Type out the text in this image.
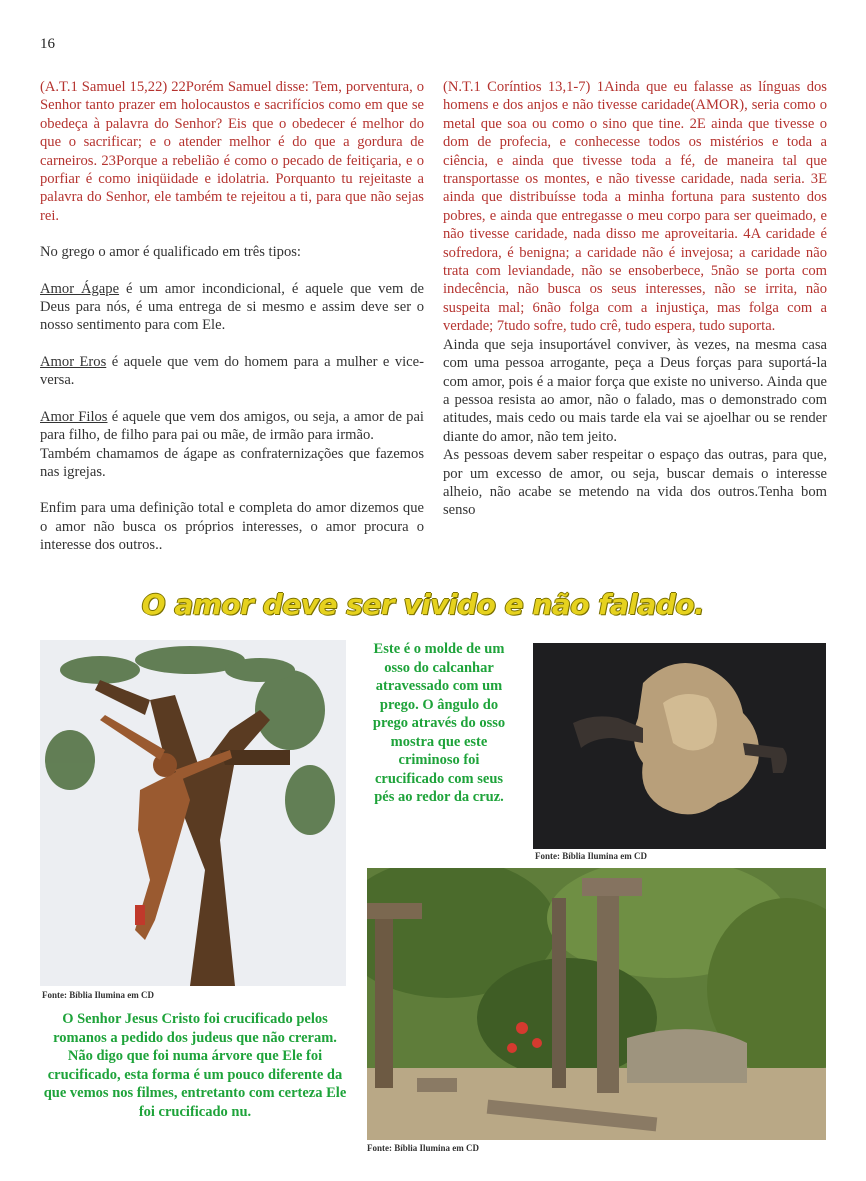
16

(A.T.1 Samuel 15,22) 22Porém Samuel disse: Tem, porventura, o Senhor tanto prazer em holocaustos e sacrifícios como em que se obedeça à palavra do Senhor? Eis que o obedecer é melhor do que o sacrificar; e o atender melhor é do que a gordura de carneiros. 23Porque a rebelião é como o pecado de feitiçaria, e o porfiar é como iniqüidade e idolatria. Porquanto tu rejeitaste a palavra do Senhor, ele também te rejeitou a ti, para que não sejas rei.

No grego o amor é qualificado em três tipos:

Amor Ágape é um amor incondicional, é aquele que vem de Deus para nós, é uma entrega de si mesmo e assim deve ser o nosso sentimento para com Ele.

Amor Eros é aquele que vem do homem para a mulher e vice-versa.

Amor Filos é aquele que vem dos amigos, ou seja, a amor de pai para filho, de filho para pai ou mãe, de irmão para irmão.

Também chamamos de ágape as confraternizações que fazemos nas igrejas.

Enfim para uma definição total e completa do amor dizemos que o amor não busca os próprios interesses, o amor procura o interesse dos outros..

(N.T.1 Coríntios 13,1-7) 1Ainda que eu falasse as línguas dos homens e dos anjos e não tivesse caridade(AMOR), seria como o metal que soa ou como o sino que tine. 2E ainda que tivesse o dom de profecia, e conhecesse todos os mistérios e toda a ciência, e ainda que tivesse toda a fé, de maneira tal que transportasse os montes, e não tivesse caridade, nada seria. 3E ainda que distribuísse toda a minha fortuna para sustento dos pobres, e ainda que entregasse o meu corpo para ser queimado, e não tivesse caridade, nada disso me aproveitaria. 4A caridade é sofredora, é benigna; a caridade não é invejosa; a caridade não trata com leviandade, não se ensoberbece, 5não se porta com indecência, não busca os seus interesses, não se irrita, não suspeita mal; 6não folga com a injustiça, mas folga com a verdade; 7tudo sofre, tudo crê, tudo espera, tudo suporta.

Ainda que seja insuportável conviver, às vezes, na mesma casa com uma pessoa arrogante, peça a Deus forças para suportá-la com amor, pois é a maior força que existe no universo. Ainda que a pessoa resista ao amor, não o falado, mas o demonstrado com atitudes, mais cedo ou mais tarde ela vai se ajoelhar ou se render diante do amor, não tem jeito.

As pessoas devem saber respeitar o espaço das outras, para que, por um excesso de amor, ou seja, buscar demais o interesse alheio, não acabe se metendo na vida dos outros.Tenha bom senso

O amor deve ser vivido e não falado.
Fonte: Bíblia Ilumina em CD
Este é o molde de um osso do calcanhar atravessado com um prego. O ângulo do prego através do osso mostra que este criminoso foi crucificado com seus pés ao redor da cruz.
Fonte: Bíblia Ilumina em CD
O Senhor Jesus Cristo foi crucificado pelos romanos a pedido dos judeus que não creram. Não digo que foi numa árvore que Ele foi crucificado, esta forma é um pouco diferente da que vemos nos filmes, entretanto com certeza Ele foi crucificado nu.
Fonte: Bíblia Ilumina em CD
